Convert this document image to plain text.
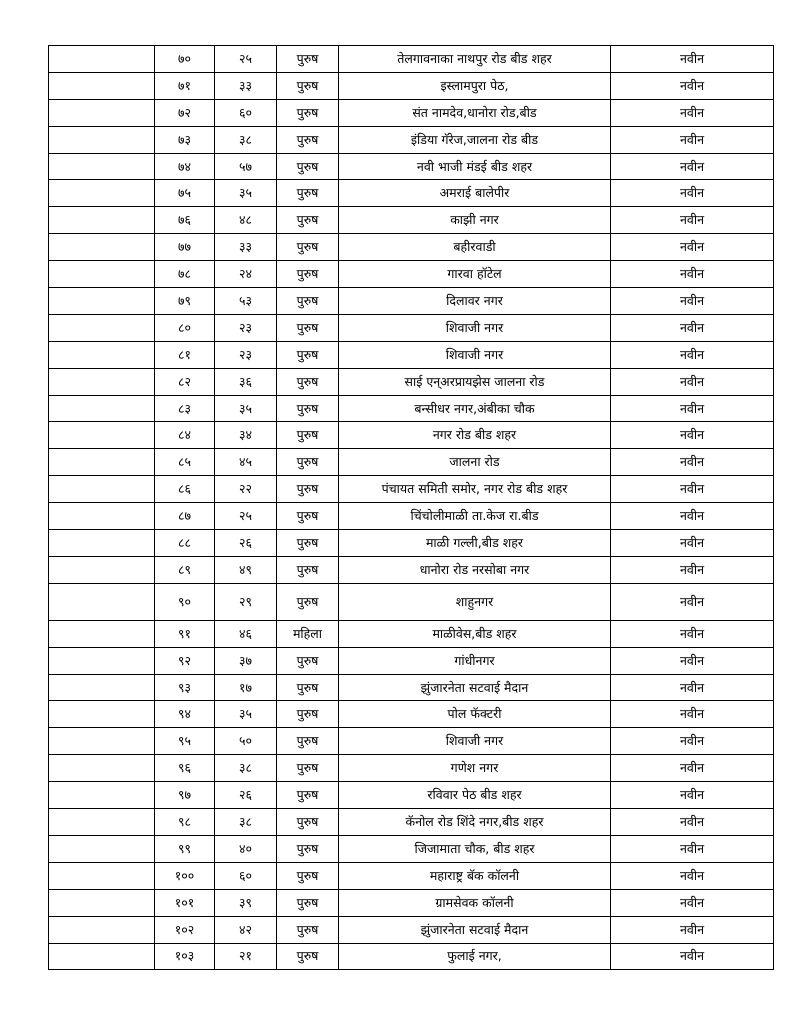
	७०	२५	पुरुष	तेलगावनाका नाथपुर रोड बीड शहर	नवीन
	७१	३३	पुरुष	इस्लामपुरा पेठ,	नवीन
	७२	६०	पुरुष	संत नामदेव,धानोरा रोड,बीड	नवीन
	७३	३८	पुरुष	इंडिया गॅरेज,जालना रोड बीड	नवीन
	७४	५७	पुरुष	नवी भाजी मंडई बीड शहर	नवीन
	७५	३५	पुरुष	अमराई बालेपीर	नवीन
	७६	४८	पुरुष	काझी नगर	नवीन
	७७	३३	पुरुष	बहीरवाडी	नवीन
	७८	२४	पुरुष	गारवा हॉटेल	नवीन
	७९	५३	पुरुष	दिलावर नगर	नवीन
	८०	२३	पुरुष	शिवाजी नगर	नवीन
	८१	२३	पुरुष	शिवाजी नगर	नवीन
	८२	३६	पुरुष	साई एन्अरप्रायझेस जालना रोड	नवीन
	८३	३५	पुरुष	बन्सीधर नगर,अंबीका चौक	नवीन
	८४	३४	पुरुष	नगर रोड बीड शहर	नवीन
	८५	४५	पुरुष	जालना रोड	नवीन
	८६	२२	पुरुष	पंचायत समिती समोर, नगर रोड बीड शहर	नवीन
	८७	२५	पुरुष	चिंचोलीमाळी ता.केज रा.बीड	नवीन
	८८	२६	पुरुष	माळी गल्ली,बीड शहर	नवीन
	८९	४९	पुरुष	धानोरा रोड नरसोबा नगर	नवीन
	९०	२९	पुरुष	शाहुनगर	नवीन
	९१	४६	महिला	माळीवेस,बीड शहर	नवीन
	९२	३७	पुरुष	गांधीनगर	नवीन
	९३	१७	पुरुष	झुंजारनेता सटवाई मैदान	नवीन
	९४	३५	पुरुष	पोल फॅक्टरी	नवीन
	९५	५०	पुरुष	शिवाजी नगर	नवीन
	९६	३८	पुरुष	गणेश नगर	नवीन
	९७	२६	पुरुष	रविवार पेठ बीड शहर	नवीन
	९८	३८	पुरुष	कॅनोल रोड शिंदे नगर,बीड शहर	नवीन
	९९	४०	पुरुष	जिजामाता चौक, बीड शहर	नवीन
	१००	६०	पुरुष	महाराष्ट्र बॅक कॉलनी	नवीन
	१०१	३९	पुरुष	ग्रामसेवक कॉलनी	नवीन
	१०२	४२	पुरुष	झुंजारनेता सटवाई मैदान	नवीन
	१०३	२१	पुरुष	फुलाई नगर,	नवीन
